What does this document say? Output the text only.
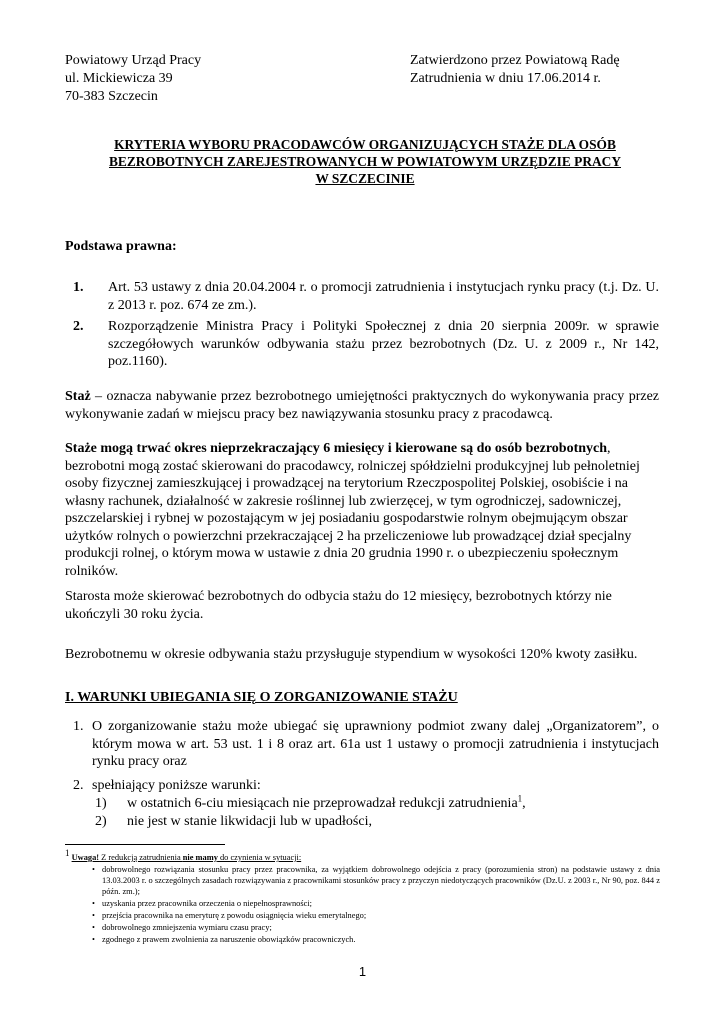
Powiatowy Urząd Pracy
ul. Mickiewicza 39
70-383 Szczecin
Zatwierdzono przez Powiatową Radę
Zatrudnienia w dniu 17.06.2014 r.
KRYTERIA WYBORU PRACODAWCÓW ORGANIZUJĄCYCH STAŻE DLA OSÓB
BEZROBOTNYCH ZAREJESTROWANYCH W POWIATOWYM URZĘDZIE PRACY
W SZCZECINIE
Podstawa prawna:
1. Art. 53 ustawy z dnia 20.04.2004 r. o promocji zatrudnienia i instytucjach rynku pracy (t.j. Dz. U. z 2013 r. poz. 674 ze zm.).
2. Rozporządzenie Ministra Pracy i Polityki Społecznej z dnia 20 sierpnia 2009r. w sprawie szczegółowych warunków odbywania stażu przez bezrobotnych (Dz. U. z 2009 r., Nr 142, poz.1160).
Staż – oznacza nabywanie przez bezrobotnego umiejętności praktycznych do wykonywania pracy przez wykonywanie zadań w miejscu pracy bez nawiązywania stosunku pracy z pracodawcą.
Staże mogą trwać okres nieprzekraczający 6 miesięcy i kierowane są do osób bezrobotnych, bezrobotni mogą zostać skierowani do pracodawcy, rolniczej spółdzielni produkcyjnej lub pełnoletniej osoby fizycznej zamieszkującej i prowadzącej na terytorium Rzeczpospolitej Polskiej, osobiście i na własny rachunek, działalność w zakresie roślinnej lub zwierzęcej, w tym ogrodniczej, sadowniczej, pszczelarskiej i rybnej w pozostającym w jej posiadaniu gospodarstwie rolnym obejmującym obszar użytków rolnych o powierzchni przekraczającej 2 ha przeliczeniowe lub prowadzącej dział specjalny produkcji rolnej, o którym mowa w ustawie z dnia 20 grudnia 1990 r. o ubezpieczeniu społecznym rolników.
Starosta może skierować bezrobotnych do odbycia stażu do 12 miesięcy, bezrobotnych którzy nie ukończyli 30 roku życia.
Bezrobotnemu w okresie odbywania stażu przysługuje stypendium w wysokości 120% kwoty zasiłku.
I. WARUNKI UBIEGANIA SIĘ O ZORGANIZOWANIE STAŻU
1. O zorganizowanie stażu może ubiegać się uprawniony podmiot zwany dalej „Organizatorem”, o którym mowa w art. 53 ust. 1 i 8 oraz art. 61a ust 1 ustawy o promocji zatrudnienia i instytucjach rynku pracy oraz
2. spełniający poniższe warunki:
1) w ostatnich 6-ciu miesiącach nie przeprowadzał redukcji zatrudnienia$^1$,
2) nie jest w stanie likwidacji lub w upadłości,
$^1$ Uwaga! Z redukcją zatrudnienia nie mamy do czynienia w sytuacji:
• dobrowolnego rozwiązania stosunku pracy przez pracownika, za wyjątkiem dobrowolnego odejścia z pracy (porozumienia stron) na podstawie ustawy z dnia 13.03.2003 r. o szczególnych zasadach rozwiązywania z pracownikami stosunków pracy z przyczyn niedotyczących pracowników (Dz.U. z 2003 r., Nr 90, poz. 844 z późn. zm.);
• uzyskania przez pracownika orzeczenia o niepełnosprawności;
• przejścia pracownika na emeryturę z powodu osiągnięcia wieku emerytalnego;
• dobrowolnego zmniejszenia wymiaru czasu pracy;
• zgodnego z prawem zwolnienia za naruszenie obowiązków pracowniczych.
1
